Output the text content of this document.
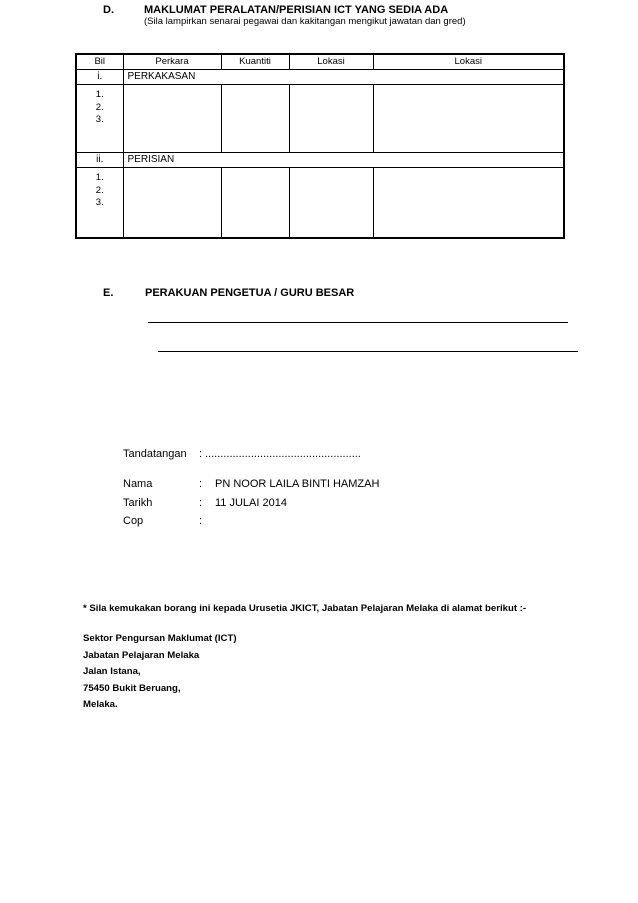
D.	MAKLUMAT PERALATAN/PERISIAN ICT YANG SEDIA ADA
(Sila lampirkan senarai pegawai dan kakitangan mengikut jawatan dan gred)
Bil	Perkara	Kuantiti	Lokasi	Lokasi
i.	PERKAKASAN			

1.
2.
3.				

ii.	PERISIAN			

1.
2.
3.				

E.	PERAKUAN PENGETUA / GURU BESAR
Tandatangan : ...................................................
Nama	: PN NOOR LAILA BINTI HAMZAH
Tarikh	: 11 JULAI 2014
Cop	:
* Sila kemukakan borang ini kepada Urusetia JKICT, Jabatan Pelajaran Melaka di alamat berikut :-
Sektor Pengursan Maklumat (ICT)
Jabatan Pelajaran Melaka
Jalan Istana,
75450 Bukit Beruang,
Melaka.
